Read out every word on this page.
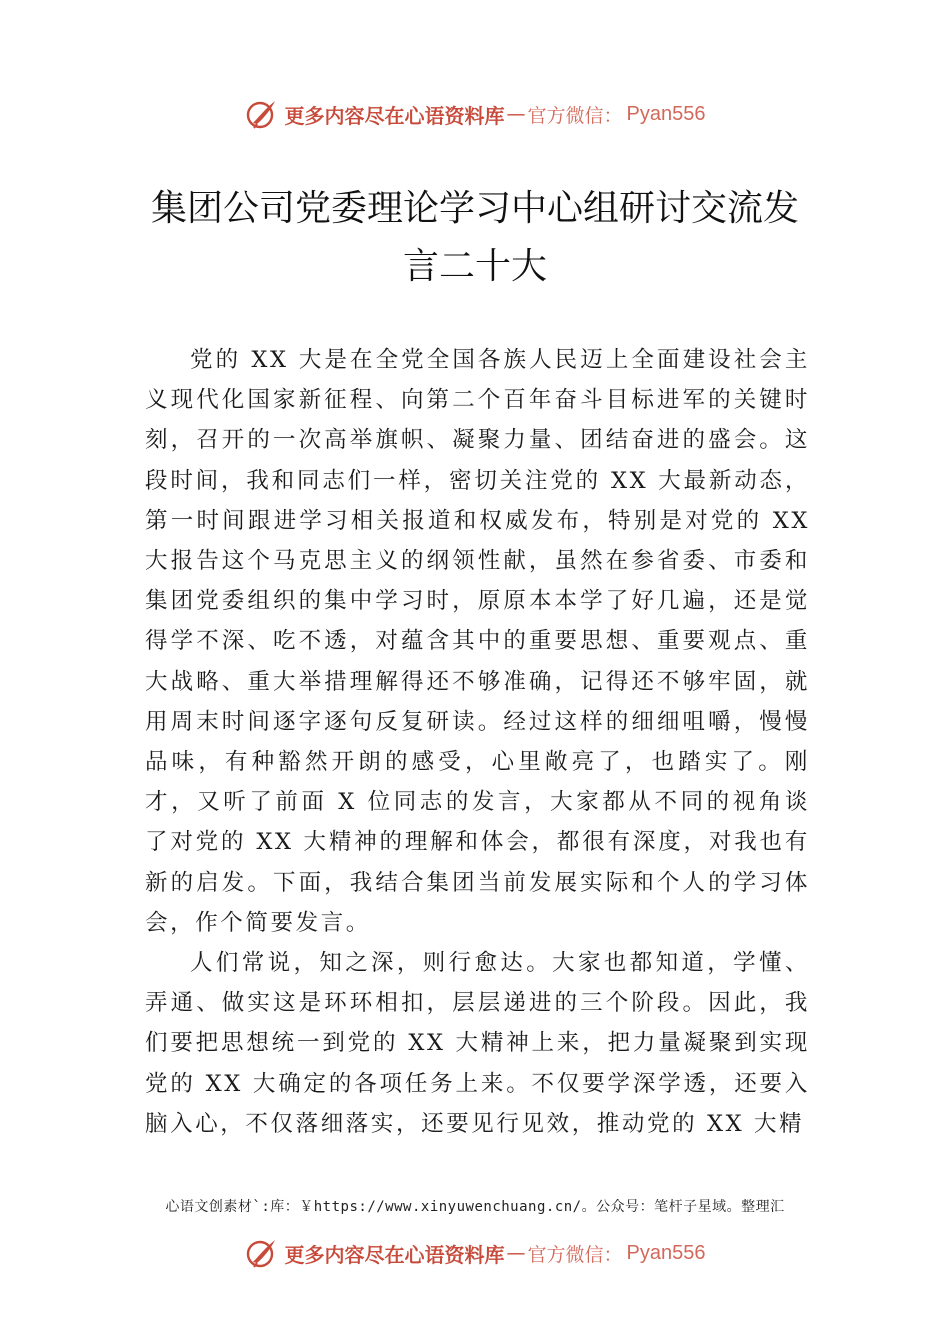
更多内容尽在心语资料库 — 官方微信： Pyan556
集团公司党委理论学习中心组研讨交流发
言二十大

党的 XX 大是在全党全国各族人民迈上全面建设社会主义现代化国家新征程、向第二个百年奋斗目标进军的关键时刻，召开的一次高举旗帜、凝聚力量、团结奋进的盛会。这段时间，我和同志们一样，密切关注党的 XX 大最新动态，第一时间跟进学习相关报道和权威发布，特别是对党的 XX 大报告这个马克思主义的纲领性献，虽然在参省委、市委和集团党委组织的集中学习时，原原本本学了好几遍，还是觉得学不深、吃不透，对蕴含其中的重要思想、重要观点、重大战略、重大举措理解得还不够准确，记得还不够牢固，就用周末时间逐字逐句反复研读。经过这样的细细咀嚼，慢慢品味，有种豁然开朗的感受，心里敞亮了，也踏实了。刚才，又听了前面 X 位同志的发言，大家都从不同的视角谈了对党的 XX 大精神的理解和体会，都很有深度，对我也有新的启发。下面，我结合集团当前发展实际和个人的学习体会，作个简要发言。

人们常说，知之深，则行愈达。大家也都知道，学懂、弄通、做实这是环环相扣，层层递进的三个阶段。因此，我们要把思想统一到党的 XX 大精神上来，把力量凝聚到实现党的 XX 大确定的各项任务上来。不仅要学深学透，还要入脑入心，不仅落细落实，还要见行见效，推动党的 XX 大精

心语文创素材`:库：￥https://www.xinyuwenchuang.cn/。公众号：笔杆子星域。整理汇
更多内容尽在心语资料库 — 官方微信： Pyan556
